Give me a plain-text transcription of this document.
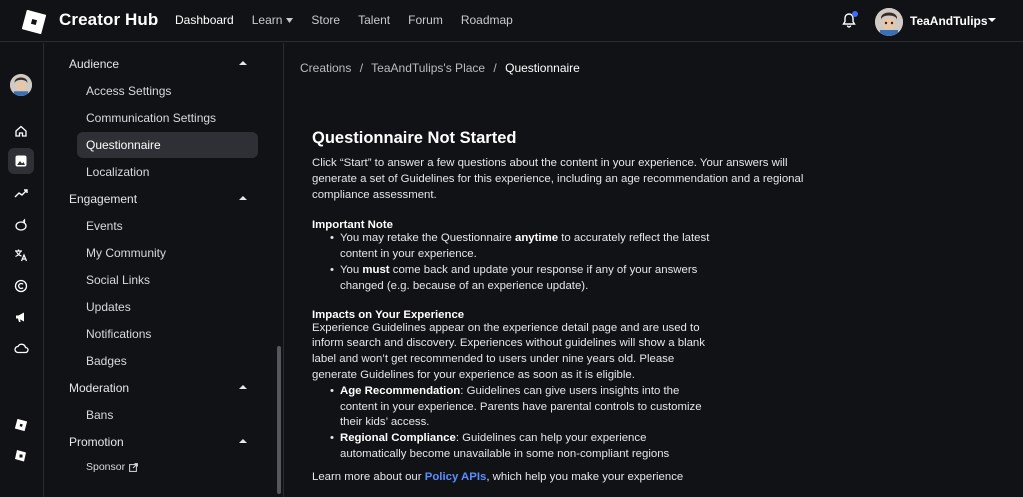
Creator Hub Dashboard Learn Store Talent Forum Roadmap	TeaAndTulips
Audience
Access Settings
Communication Settings
Questionnaire
Localization
Engagement
Events
My Community
Social Links
Updates
Notifications
Badges
Moderation
Bans
Promotion
Sponsor
Creations / TeaAndTulips's Place / Questionnaire
Questionnaire Not Started

Click “Start” to answer a few questions about the content in your experience. Your answers will generate a set of Guidelines for this experience, including an age recommendation and a regional compliance assessment.

Important Note
• You may retake the Questionnaire anytime to accurately reflect the latest content in your experience.
• You must come back and update your response if any of your answers changed (e.g. because of an experience update).
Impacts on Your Experience

Experience Guidelines appear on the experience detail page and are used to inform search and discovery. Experiences without guidelines will show a blank label and won’t get recommended to users under nine years old. Please generate Guidelines for your experience as soon as it is eligible.

• Age Recommendation: Guidelines can give users insights into the content in your experience. Parents have parental controls to customize their kids’ access.
• Regional Compliance: Guidelines can help your experience automatically become unavailable in some non-compliant regions

Learn more about our Policy APIs, which help you make your experience
